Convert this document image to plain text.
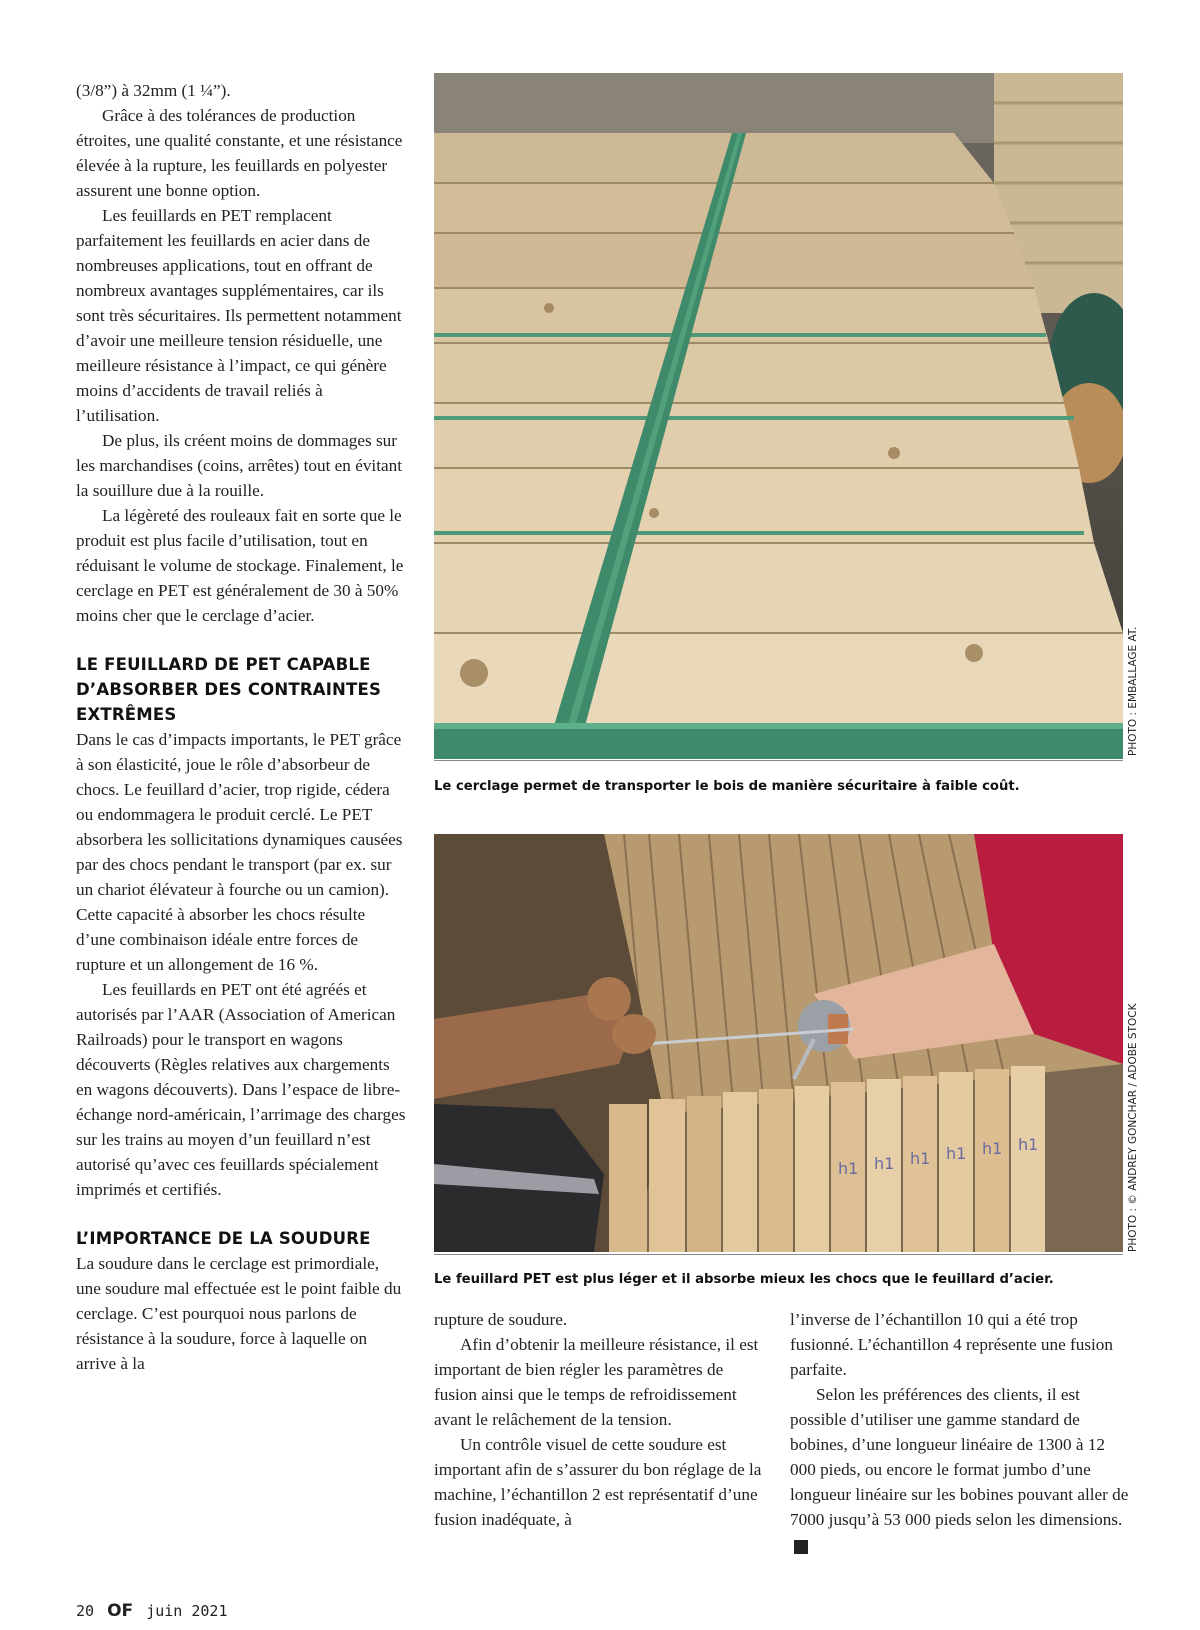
(3/8”) à 32mm (1 ¼”).

Grâce à des tolérances de production étroites, une qualité constante, et une résistance élevée à la rupture, les feuillards en polyester assurent une bonne option.

Les feuillards en PET remplacent parfaitement les feuillards en acier dans de nombreuses applications, tout en offrant de nombreux avantages supplémentaires, car ils sont très sécuritaires. Ils permettent notamment d’avoir une meilleure tension résiduelle, une meilleure résistance à l’impact, ce qui génère moins d’accidents de travail reliés à l’utilisation.

De plus, ils créent moins de dommages sur les marchandises (coins, arrêtes) tout en évitant la souillure due à la rouille.

La légèreté des rouleaux fait en sorte que le produit est plus facile d’utilisation, tout en réduisant le volume de stockage. Finalement, le cerclage en PET est généralement de 30 à 50% moins cher que le cerclage d’acier.

LE FEUILLARD DE PET CAPABLE D’ABSORBER DES CONTRAINTES EXTRÊMES

Dans le cas d’impacts importants, le PET grâce à son élasticité, joue le rôle d’absorbeur de chocs. Le feuillard d’acier, trop rigide, cédera ou endommagera le produit cerclé. Le PET absorbera les sollicitations dynamiques causées par des chocs pendant le transport (par ex. sur un chariot élévateur à fourche ou un camion). Cette capacité à absorber les chocs résulte d’une combinaison idéale entre forces de rupture et un allongement de 16 %.

Les feuillards en PET ont été agréés et autorisés par l’AAR (Association of American Railroads) pour le transport en wagons découverts (Règles relatives aux chargements en wagons découverts). Dans l’espace de libre-échange nord-américain, l’arrimage des charges sur les trains au moyen d’un feuillard n’est autorisé qu’avec ces feuillards spécialement imprimés et certifiés.

L’IMPORTANCE DE LA SOUDURE

La soudure dans le cerclage est primordiale, une soudure mal effectuée est le point faible du cerclage. C’est pourquoi nous parlons de résistance à la soudure, force à laquelle on arrive à la

Le cerclage permet de transporter le bois de manière sécuritaire à faible coût.
PHOTO : EMBALLAGE AT.
h1 h1 h1 h1 h1
h1
Le feuillard PET est plus léger et il absorbe mieux les chocs que le feuillard d’acier.
PHOTO : © ANDREY GONCHAR / ADOBE STOCK

rupture de soudure.

Afin d’obtenir la meilleure résistance, il est important de bien régler les paramètres de fusion ainsi que le temps de refroidissement avant le relâchement de la tension.

Un contrôle visuel de cette soudure est important afin de s’assurer du bon réglage de la machine, l’échantillon 2 est représentatif d’une fusion inadéquate, à

l’inverse de l’échantillon 10 qui a été trop fusionné. L’échantillon 4 représente une fusion parfaite.

Selon les préférences des clients, il est possible d’utiliser une gamme standard de bobines, d’une longueur linéaire de 1300 à 12 000 pieds, ou encore le format jumbo d’une longueur linéaire sur les bobines pouvant aller de 7000 jusqu’à 53 000 pieds selon les dimensions.OF

20 OF juin 2021
